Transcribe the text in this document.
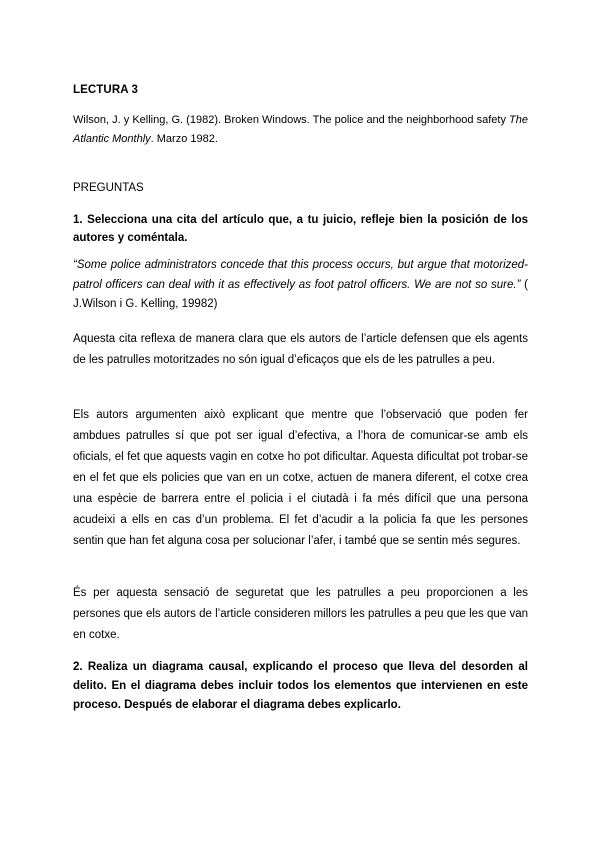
LECTURA 3
Wilson, J. y Kelling, G. (1982). Broken Windows. The police and the neighborhood safety The Atlantic Monthly. Marzo 1982.
PREGUNTAS
1. Selecciona una cita del artículo que, a tu juicio, refleje bien la posición de los autores y coméntala.
“Some police administrators concede that this process occurs, but argue that motorized-patrol officers can deal with it as effectively as foot patrol officers. We are not so sure.” ( J.Wilson i G. Kelling, 19982)
Aquesta cita reflexa de manera clara que els autors de l’article defensen que els agents de les patrulles motoritzades no són igual d’eficaços que els de les patrulles a peu.
Els autors argumenten això explicant que mentre que l’observació que poden fer ambdues patrulles sí que pot ser igual d’efectiva, a l’hora de comunicar-se amb els oficials, el fet que aquests vagin en cotxe ho pot dificultar. Aquesta dificultat pot trobar-se en el fet que els policies que van en un cotxe, actuen de manera diferent, el cotxe crea una espècie de barrera entre el policia i el ciutadà i fa més difícil que una persona acudeixi a ells en cas d’un problema. El fet d’acudir a la policia fa que les persones sentin que han fet alguna cosa per solucionar l’afer, i també que se sentin més segures.
És per aquesta sensació de seguretat que les patrulles a peu proporcionen a les persones que els autors de l’article consideren millors les patrulles a peu que les que van en cotxe.
2. Realiza un diagrama causal, explicando el proceso que lleva del desorden al delito. En el diagrama debes incluir todos los elementos que intervienen en este proceso. Después de elaborar el diagrama debes explicarlo.
